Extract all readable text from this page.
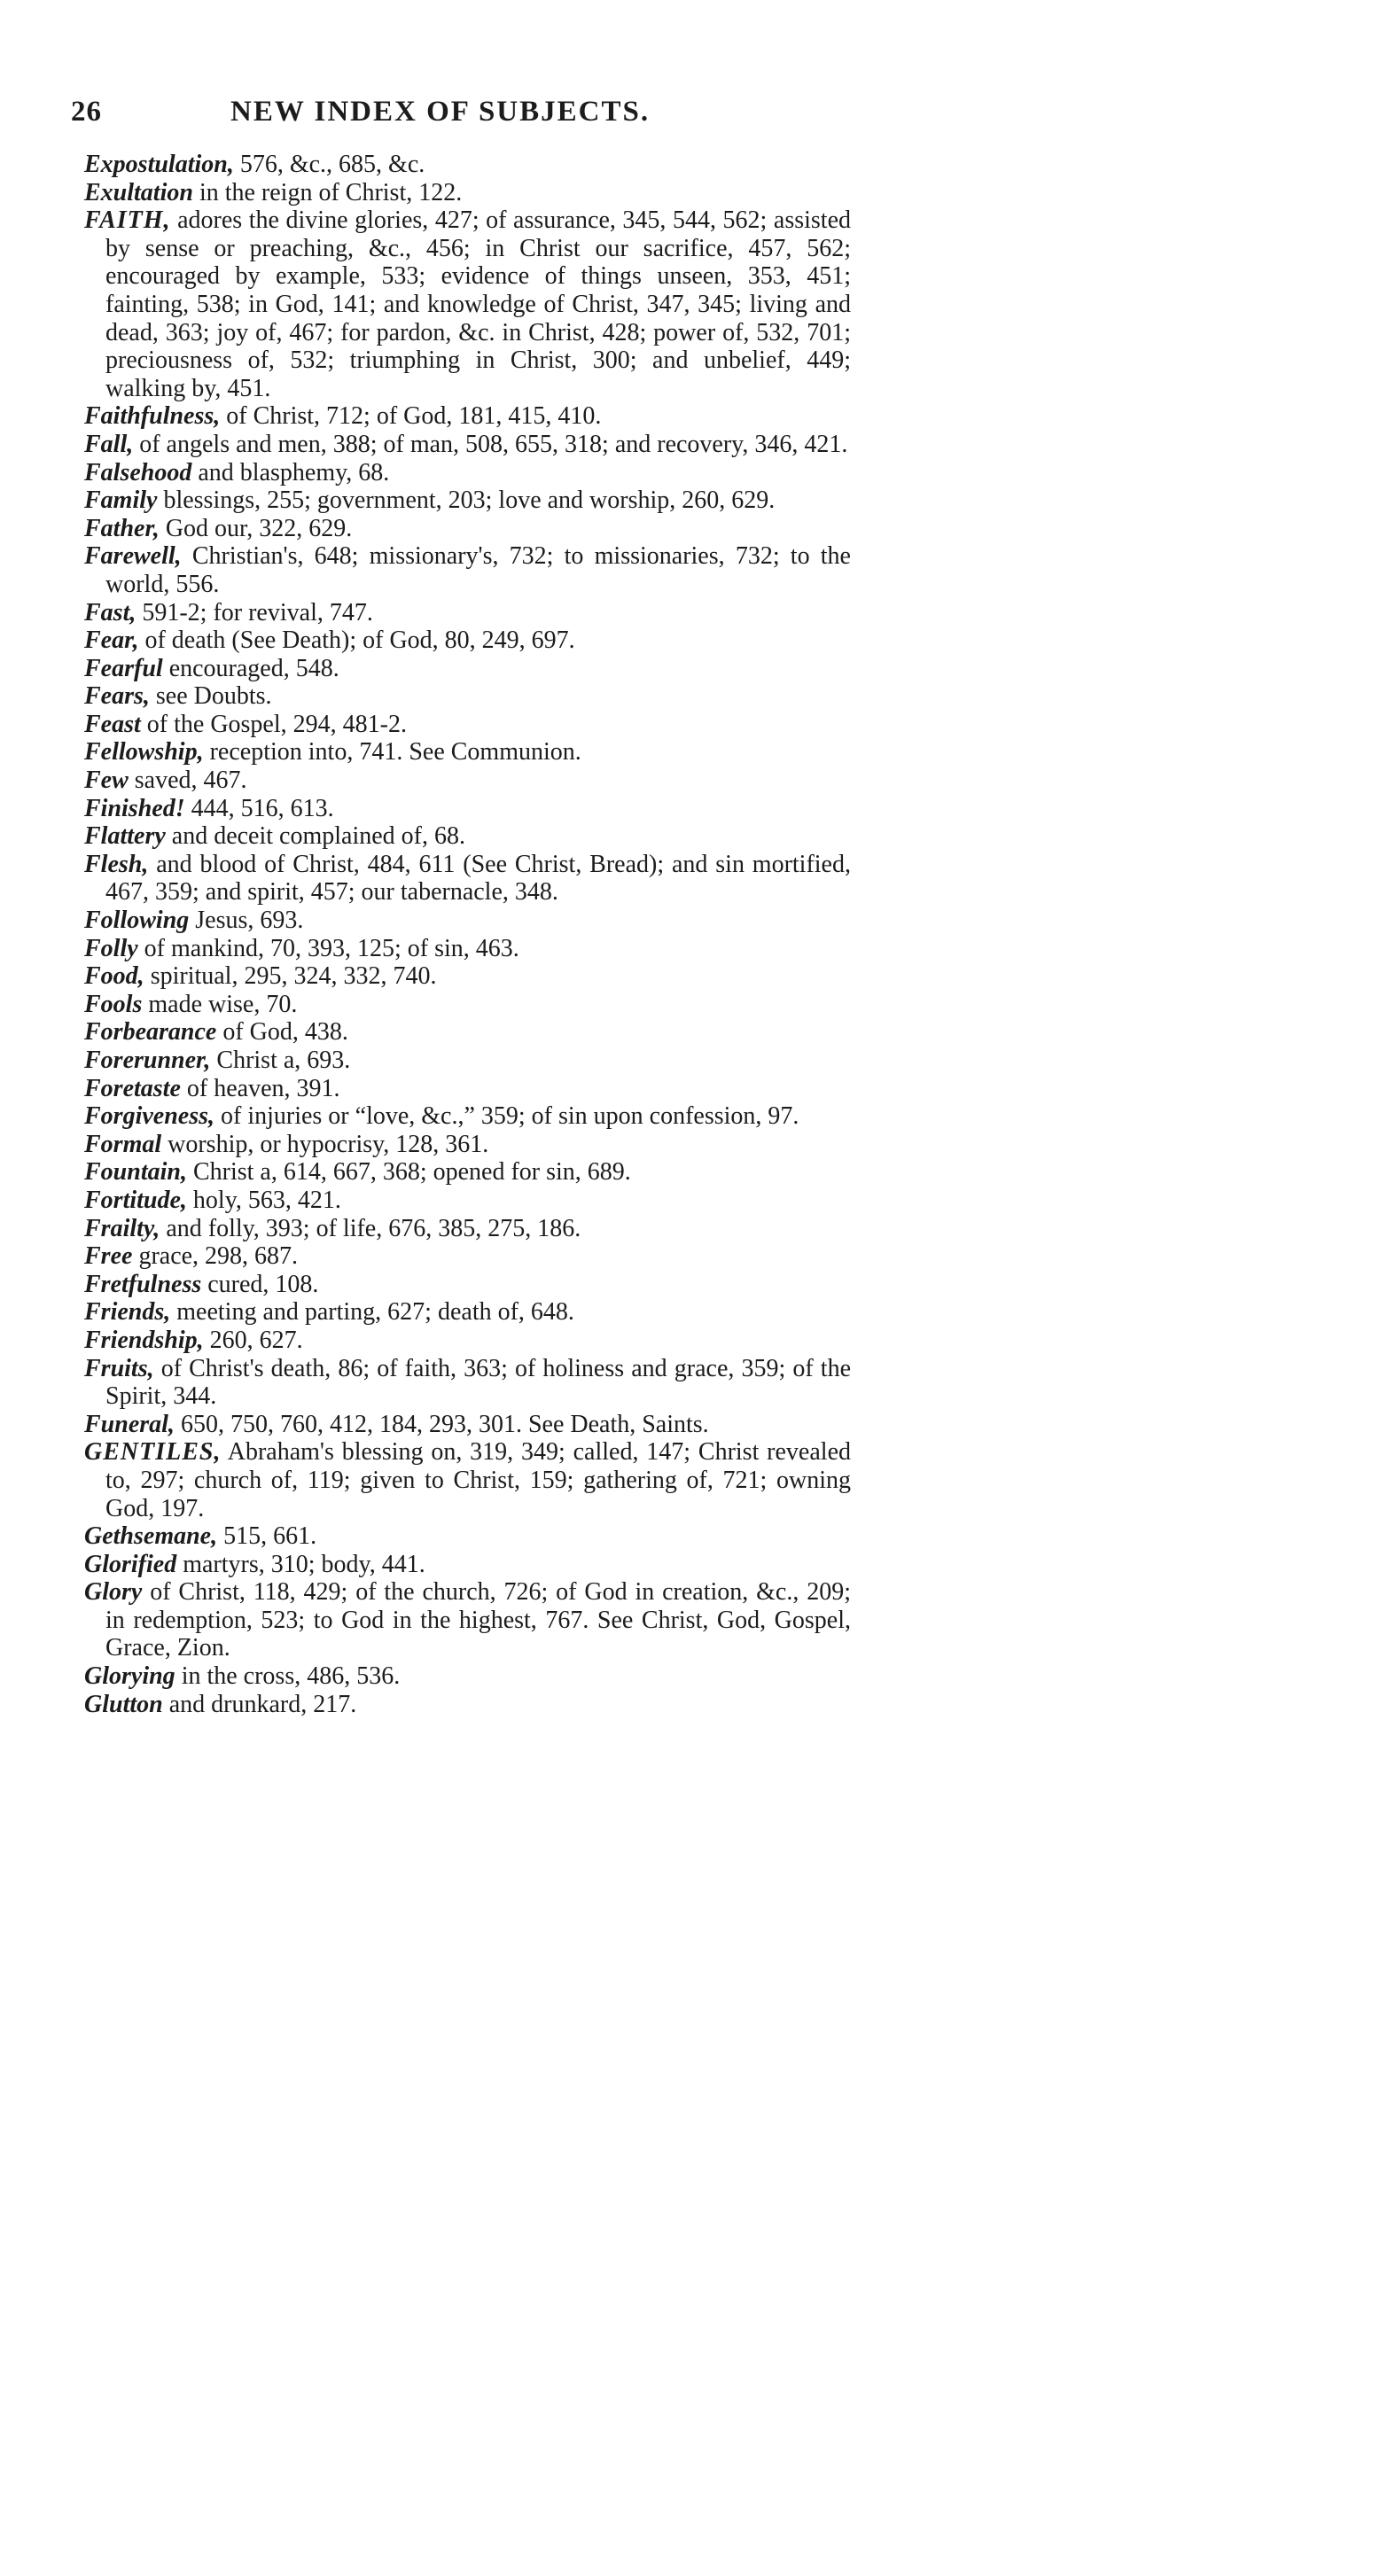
26	NEW INDEX OF SUBJECTS.

Expostulation, 576, &c., 685, &c.

Exultation in the reign of Christ, 122.

FAITH, adores the divine glories, 427; of assurance, 345, 544, 562; assisted by sense or preaching, &c., 456; in Christ our sacrifice, 457, 562; encouraged by example, 533; evidence of things unseen, 353, 451; fainting, 538; in God, 141; and knowledge of Christ, 347, 345; living and dead, 363; joy of, 467; for pardon, &c. in Christ, 428; power of, 532, 701; preciousness of, 532; triumphing in Christ, 300; and unbelief, 449; walking by, 451.

Faithfulness, of Christ, 712; of God, 181, 415, 410.

Fall, of angels and men, 388; of man, 508, 655, 318; and recovery, 346, 421.

Falsehood and blasphemy, 68.

Family blessings, 255; government, 203; love and worship, 260, 629.

Father, God our, 322, 629.

Farewell, Christian's, 648; missionary's, 732; to missionaries, 732; to the world, 556.

Fast, 591-2; for revival, 747.

Fear, of death (See Death); of God, 80, 249, 697.

Fearful encouraged, 548.

Fears, see Doubts.

Feast of the Gospel, 294, 481-2.

Fellowship, reception into, 741. See Communion.

Few saved, 467.

Finished! 444, 516, 613.

Flattery and deceit complained of, 68.

Flesh, and blood of Christ, 484, 611 (See Christ, Bread); and sin mortified, 467, 359; and spirit, 457; our tabernacle, 348.

Following Jesus, 693.

Folly of mankind, 70, 393, 125; of sin, 463.

Food, spiritual, 295, 324, 332, 740.

Fools made wise, 70.

Forbearance of God, 438.

Forerunner, Christ a, 693.

Foretaste of heaven, 391.

Forgiveness, of injuries or “love, &c.,” 359; of sin upon confession, 97.

Formal worship, or hypocrisy, 128, 361.

Fountain, Christ a, 614, 667, 368; opened for sin, 689.

Fortitude, holy, 563, 421.

Frailty, and folly, 393; of life, 676, 385, 275, 186.

Free grace, 298, 687.

Fretfulness cured, 108.

Friends, meeting and parting, 627; death of, 648.

Friendship, 260, 627.

Fruits, of Christ's death, 86; of faith, 363; of holiness and grace, 359; of the Spirit, 344.

Funeral, 650, 750, 760, 412, 184, 293, 301. See Death, Saints.

GENTILES, Abraham's blessing on, 319, 349; called, 147; Christ revealed to, 297; church of, 119; given to Christ, 159; gathering of, 721; owning God, 197.

Gethsemane, 515, 661.

Glorified martyrs, 310; body, 441.

Glory of Christ, 118, 429; of the church, 726; of God in creation, &c., 209; in redemption, 523; to God in the highest, 767. See Christ, God, Gospel, Grace, Zion.

Glorying in the cross, 486, 536.

Glutton and drunkard, 217.
